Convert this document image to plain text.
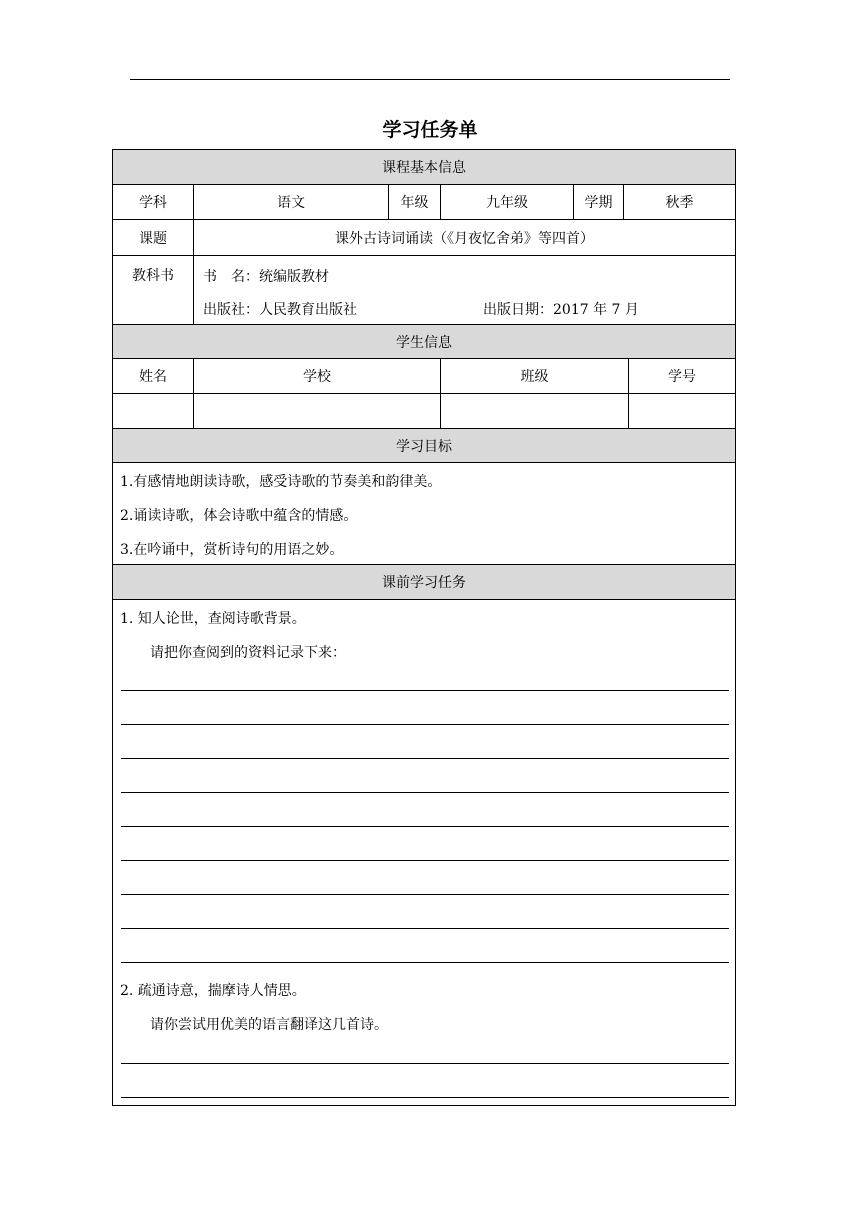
学习任务单
课程基本信息
学科	语文	年级	九年级	学期	秋季
课题	课外古诗词诵读（《月夜忆舍弟》等四首）
教科书	书　名：统编版教材
出版社：人民教育出版社	出版日期：2017 年 7 月
学生信息
姓名	学校	班级	学号
学习目标
1.有感情地朗读诗歌，感受诗歌的节奏美和韵律美。
2.诵读诗歌，体会诗歌中蕴含的情感。
3.在吟诵中，赏析诗句的用语之妙。
课前学习任务
1. 知人论世，查阅诗歌背景。
请把你查阅到的资料记录下来：
2. 疏通诗意，揣摩诗人情思。
请你尝试用优美的语言翻译这几首诗。
